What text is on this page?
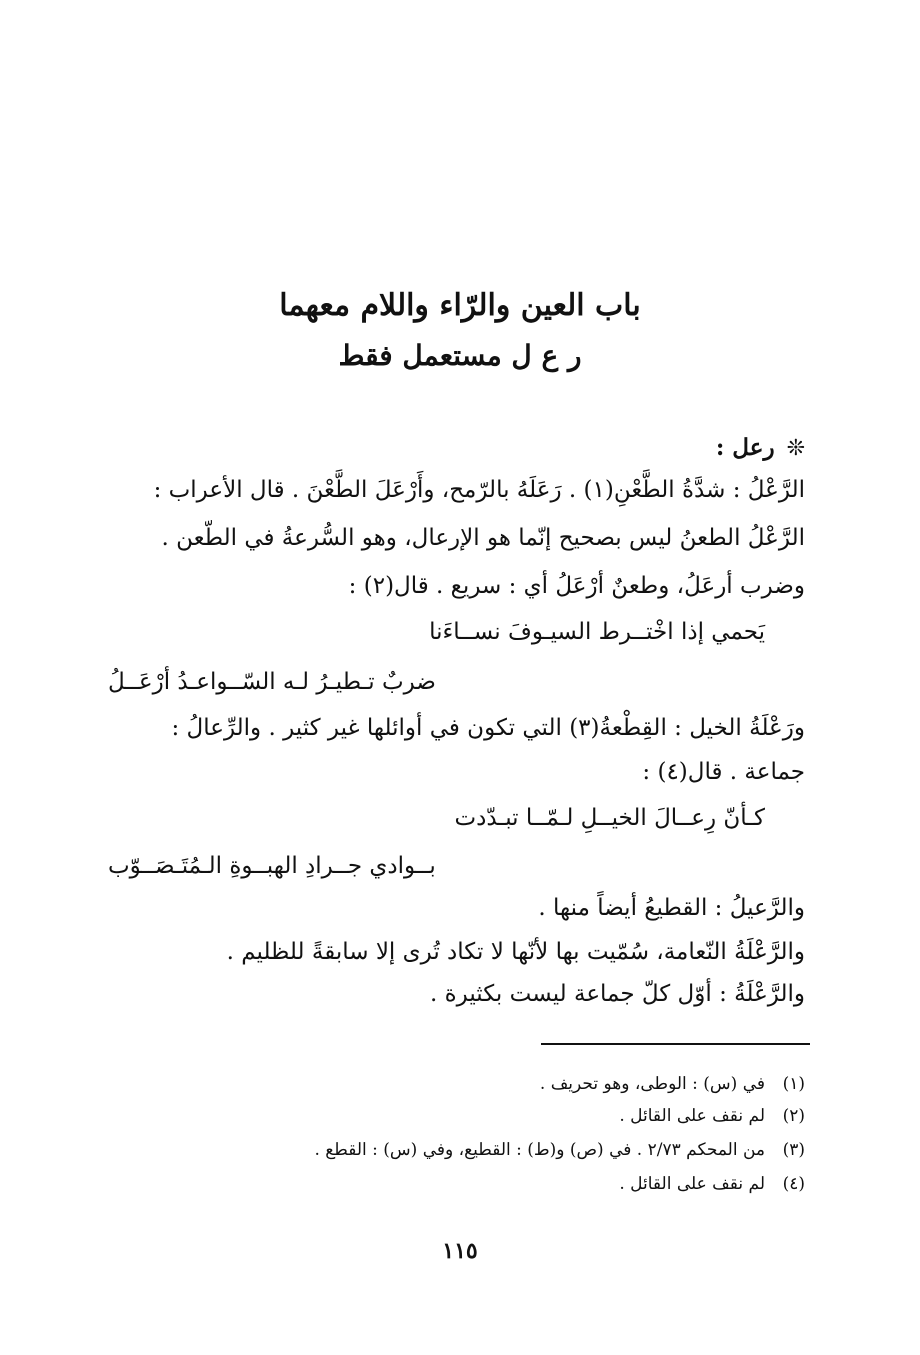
باب العين والرّاء واللام معهما
ر ع ل مستعمل فقط
❊رعل :
الرَّعْلُ : شدَّةُ الطَّعْنِ(١) . رَعَلَهُ بالرّمح، وأَرْعَلَ الطَّعْنَ . قال الأعراب :
الرَّعْلُ الطعنُ ليس بصحيح إنّما هو الإرعال، وهو السُّرعةُ في الطّعن .
وضرب أرعَلُ، وطعنٌ أرْعَلُ أي : سريع . قال(٢) :
يَحمي إذا اخْتــرط السيـوفَ نســاءَنا
ضربٌ تـطيـرُ لـه السّــواعـدُ أرْعَــلُ
ورَعْلَةُ الخيل : القِطْعةُ(٣) التي تكون في أوائلها غير كثير . والرِّعالُ :
جماعة . قال(٤) :
كـأنّ رِعــالَ الخيــلِ لـمّــا تبـدّدت
بــوادي جــرادِ الهبــوةِ الـمُتَـصَــوّب
والرَّعيلُ : القطيعُ أيضاً منها .
والرَّعْلَةُ النّعامة، سُمّيت بها لأنّها لا تكاد تُرى إلا سابقةً للظليم .
والرَّعْلَةُ : أوّل كلّ جماعة ليست بكثيرة .
(١)في (س) : الوطى، وهو تحريف .
(٢)لم نقف على القائل .
(٣)من المحكم ٢/٧٣ . في (ص) و(ط) : القطيع، وفي (س) : القطع .
(٤)لم نقف على القائل .
١١٥
